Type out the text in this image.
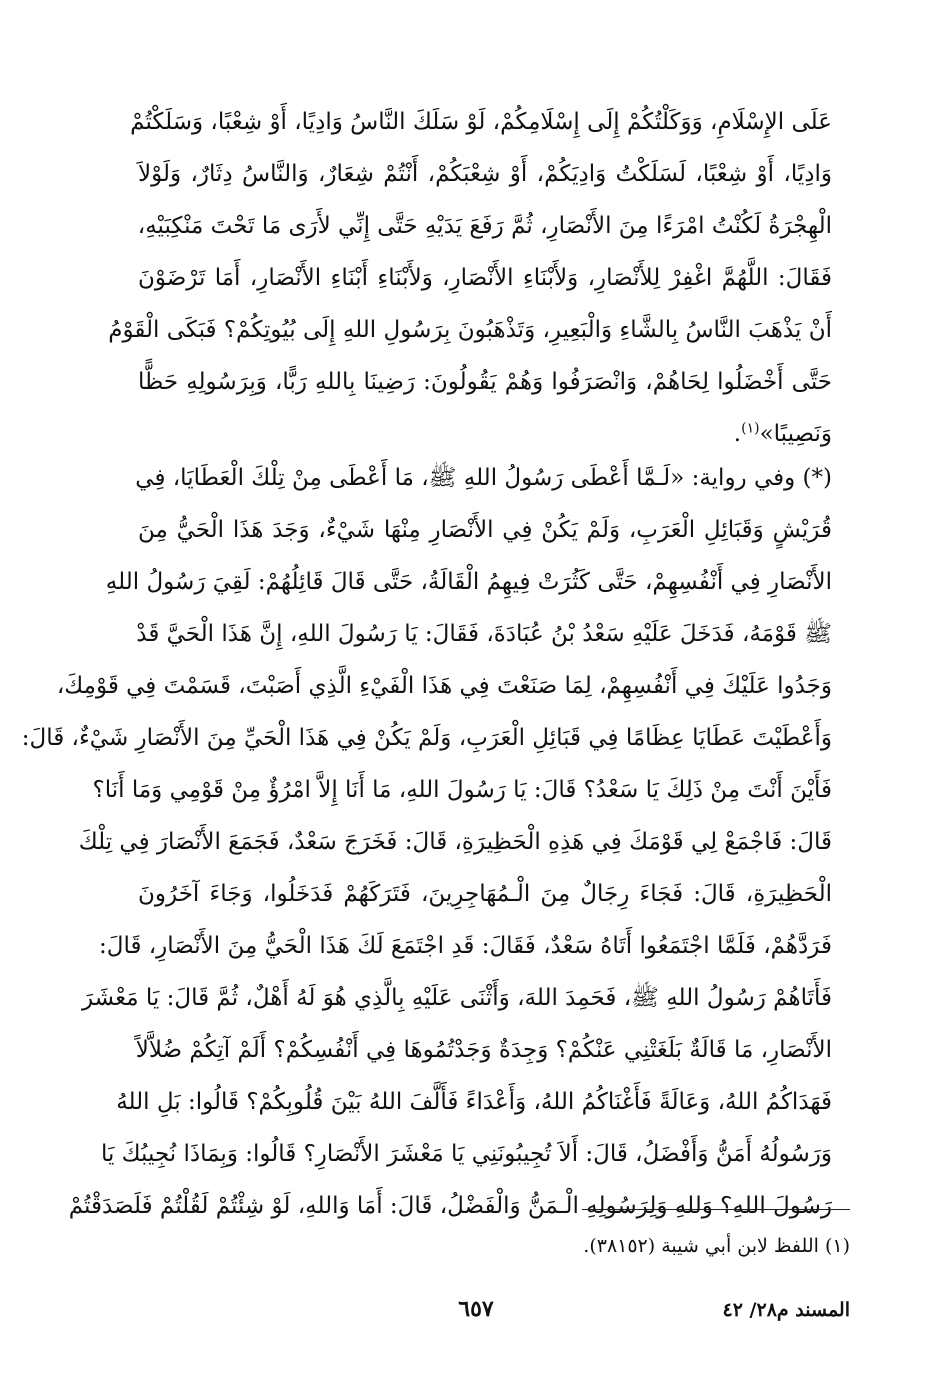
عَلَى الإِسْلَامِ، وَوَكَلْتُكُمْ إِلَى إِسْلَامِكُمْ، لَوْ سَلَكَ النَّاسُ وَادِيًا، أَوْ شِعْبًا، وَسَلَكْتُمْ
وَادِيًا، أَوْ شِعْبًا، لَسَلَكْتُ وَادِيَكُمْ، أَوْ شِعْبَكُمْ، أَنْتُمْ شِعَارٌ، وَالنَّاسُ دِثَارٌ، وَلَوْلاَ
الْهِجْرَةُ لَكُنْتُ امْرَءًا مِنَ الأَنْصَارِ، ثُمَّ رَفَعَ يَدَيْهِ حَتَّى إِنِّي لأَرَى مَا تَحْتَ مَنْكِبَيْهِ،
فَقَالَ: اللَّهُمَّ اغْفِرْ لِلأَنْصَارِ، وَلأَبْنَاءِ الأَنْصَارِ، وَلأَبْنَاءِ أَبْنَاءِ الأَنْصَارِ، أَمَا تَرْضَوْنَ
أَنْ يَذْهَبَ النَّاسُ بِالشَّاءِ وَالْبَعِيرِ، وَتَذْهَبُونَ بِرَسُولِ اللهِ إِلَى بُيُوتِكُمْ؟ فَبَكَى الْقَوْمُ
حَتَّى أَخْضَلُوا لِحَاهُمْ، وَانْصَرَفُوا وَهُمْ يَقُولُونَ: رَضِينَا بِاللهِ رَبًّا، وَبِرَسُولِهِ حَظًّا
وَنَصِيبًا»$^{(١)}$.
(*) وفي رواية: «لَـمَّا أَعْطَى رَسُولُ اللهِ ﷺ، مَا أَعْطَى مِنْ تِلْكَ الْعَطَايَا، فِي
قُرَيْشٍ وَقَبَائِلِ الْعَرَبِ، وَلَمْ يَكُنْ فِي الأَنْصَارِ مِنْهَا شَيْءٌ، وَجَدَ هَذَا الْحَيُّ مِنَ
الأَنْصَارِ فِي أَنْفُسِهِمْ، حَتَّى كَثُرَتْ فِيهِمُ الْقَالَةُ، حَتَّى قَالَ قَائِلُهُمْ: لَقِيَ رَسُولُ اللهِ
ﷺ قَوْمَهُ، فَدَخَلَ عَلَيْهِ سَعْدُ بْنُ عُبَادَةَ، فَقَالَ: يَا رَسُولَ اللهِ، إِنَّ هَذَا الْحَيَّ قَدْ
وَجَدُوا عَلَيْكَ فِي أَنْفُسِهِمْ، لِمَا صَنَعْتَ فِي هَذَا الْفَيْءِ الَّذِي أَصَبْتَ، قَسَمْتَ فِي قَوْمِكَ،
وَأَعْطَيْتَ عَطَايَا عِظَامًا فِي قَبَائِلِ الْعَرَبِ، وَلَمْ يَكُنْ فِي هَذَا الْحَيِّ مِنَ الأَنْصَارِ شَيْءٌ، قَالَ:
فَأَيْنَ أَنْتَ مِنْ ذَلِكَ يَا سَعْدُ؟ قَالَ: يَا رَسُولَ اللهِ، مَا أَنَا إِلاَّ امْرُؤٌ مِنْ قَوْمِي وَمَا أَنَا؟
قَالَ: فَاجْمَعْ لِي قَوْمَكَ فِي هَذِهِ الْحَظِيرَةِ، قَالَ: فَخَرَجَ سَعْدٌ، فَجَمَعَ الأَنْصَارَ فِي تِلْكَ
الْحَظِيرَةِ، قَالَ: فَجَاءَ رِجَالٌ مِنَ الْـمُهَاجِرِينَ، فَتَرَكَهُمْ فَدَخَلُوا، وَجَاءَ آخَرُونَ
فَرَدَّهُمْ، فَلَمَّا اجْتَمَعُوا أَتَاهُ سَعْدٌ، فَقَالَ: قَدِ اجْتَمَعَ لَكَ هَذَا الْحَيُّ مِنَ الأَنْصَارِ، قَالَ:
فَأَتَاهُمْ رَسُولُ اللهِ ﷺ، فَحَمِدَ اللهَ، وَأَثْنَى عَلَيْهِ بِالَّذِي هُوَ لَهُ أَهْلٌ، ثُمَّ قَالَ: يَا مَعْشَرَ
الأَنْصَارِ، مَا قَالَةٌ بَلَغَتْنِي عَنْكُمْ؟ وَجِدَةٌ وَجَدْتُمُوهَا فِي أَنْفُسِكُمْ؟ أَلَمْ آتِكُمْ ضُلاَّلاً
فَهَدَاكُمُ اللهُ، وَعَالَةً فَأَغْنَاكُمُ اللهُ، وَأَعْدَاءً فَأَلَّفَ اللهُ بَيْنَ قُلُوبِكُمْ؟ قَالُوا: بَلِ اللهُ
وَرَسُولُهُ أَمَنُّ وَأَفْضَلُ، قَالَ: أَلاَ تُجِيبُونَنِي يَا مَعْشَرَ الأَنْصَارِ؟ قَالُوا: وَبِمَاذَا نُجِيبُكَ يَا
رَسُولَ اللهِ؟ وَللهِ وَلِرَسُولِهِ الْـمَنُّ وَالْفَضْلُ، قَالَ: أَمَا وَاللهِ، لَوْ شِئْتُمْ لَقُلْتُمْ فَلَصَدَقْتُمْ
(١) اللفظ لابن أبي شيبة (٣٨١٥٢).
المسند م٢٨/ ٤٢
٦٥٧
